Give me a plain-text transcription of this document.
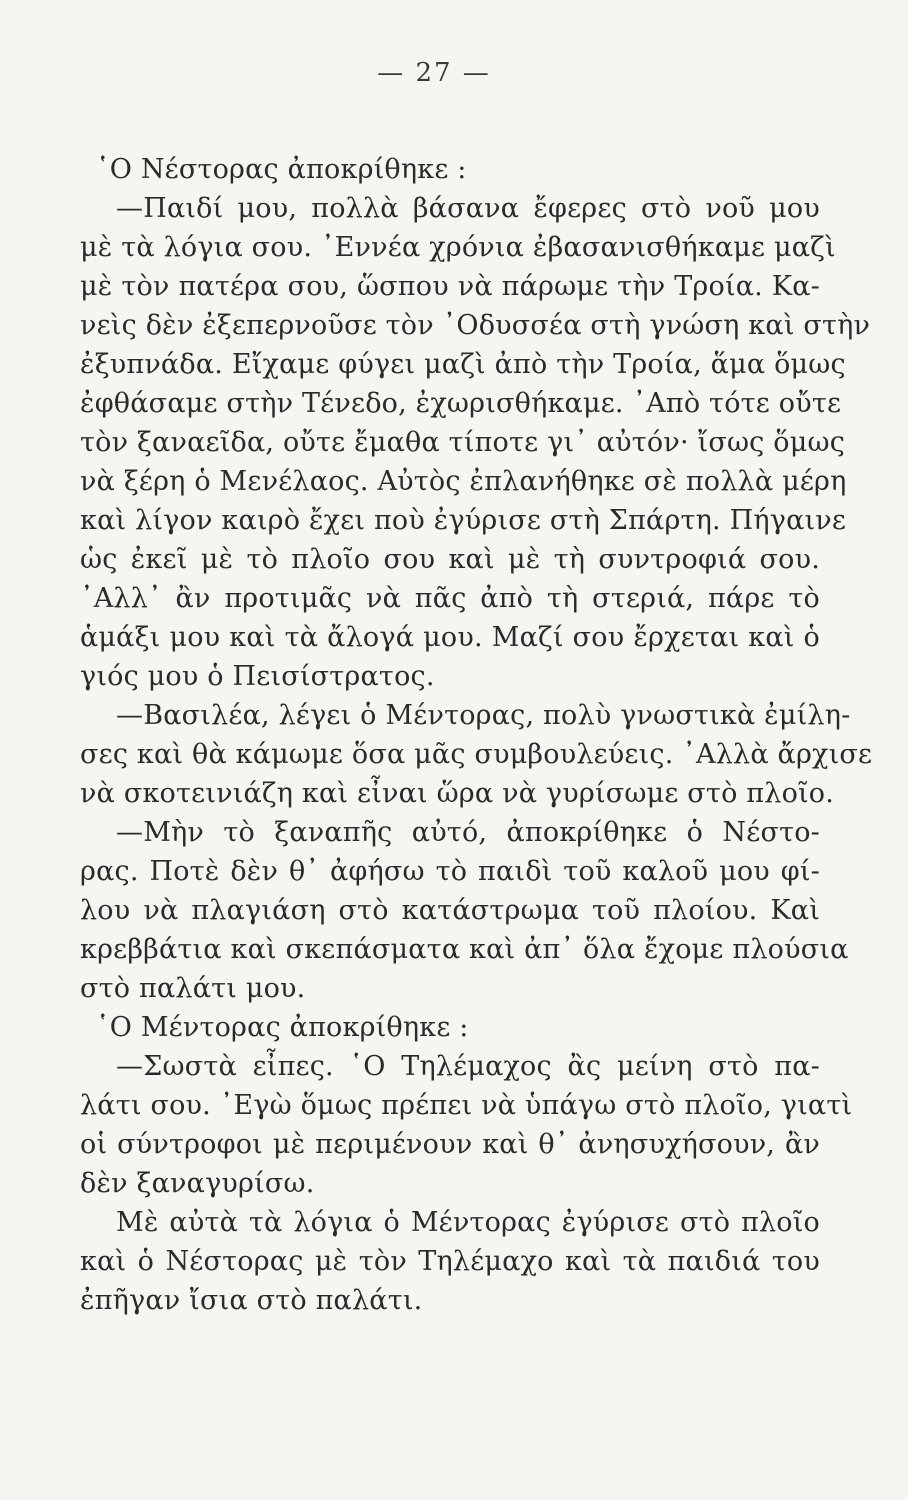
— 27 —
῾Ο Νέστορας ἀποκρίθηκε :
—Παιδί μου, πολλὰ βάσανα ἔφερες στὸ νοῦ μου
μὲ τὰ λόγια σου. ᾿Εννέα χρόνια ἐβασανισθήκαμε μαζὶ
μὲ τὸν πατέρα σου, ὥσπου νὰ πάρωμε τὴν Τροία. Κα-
νεὶς δὲν ἐξεπερνοῦσε τὸν ᾿Οδυσσέα στὴ γνώση καὶ στὴν
ἐξυπνάδα. Εἴχαμε φύγει μαζὶ ἀπὸ τὴν Τροία, ἅμα ὅμως
ἐφθάσαμε στὴν Τένεδο, ἐχωρισθήκαμε. ᾿Απὸ τότε οὔτε
τὸν ξαναεῖδα, οὔτε ἔμαθα τίποτε γι᾿ αὐτόν· ἴσως ὅμως
νὰ ξέρη ὁ Μενέλαος. Αὐτὸς ἐπλανήθηκε σὲ πολλὰ μέρη
καὶ λίγον καιρὸ ἔχει ποὺ ἐγύρισε στὴ Σπάρτη. Πήγαινε
ὡς ἐκεῖ μὲ τὸ πλοῖο σου καὶ μὲ τὴ συντροφιά σου.
᾿Αλλ᾿ ἂν προτιμᾶς νὰ πᾶς ἀπὸ τὴ στεριά, πάρε τὸ
ἁμάξι μου καὶ τὰ ἄλογά μου. Μαζί σου ἔρχεται καὶ ὁ
γιός μου ὁ Πεισίστρατος.
—Βασιλέα, λέγει ὁ Μέντορας, πολὺ γνωστικὰ ἐμίλη-
σες καὶ θὰ κάμωμε ὅσα μᾶς συμβουλεύεις. ᾿Αλλὰ ἄρχισε
νὰ σκοτεινιάζη καὶ εἶναι ὥρα νὰ γυρίσωμε στὸ πλοῖο.
—Μὴν τὸ ξαναπῆς αὐτό, ἀποκρίθηκε ὁ Νέστο-
ρας. Ποτὲ δὲν θ᾿ ἀφήσω τὸ παιδὶ τοῦ καλοῦ μου φί-
λου νὰ πλαγιάση στὸ κατάστρωμα τοῦ πλοίου. Καὶ
κρεββάτια καὶ σκεπάσματα καὶ ἀπ᾿ ὅλα ἔχομε πλούσια
στὸ παλάτι μου.
῾Ο Μέντορας ἀποκρίθηκε :
—Σωστὰ εἶπες. ῾Ο Τηλέμαχος ἂς μείνη στὸ πα-
λάτι σου. ᾿Εγὼ ὅμως πρέπει νὰ ὑπάγω στὸ πλοῖο, γιατὶ
οἱ σύντροφοι μὲ περιμένουν καὶ θ᾿ ἀνησυχήσουν, ἂν
δὲν ξαναγυρίσω.
Μὲ αὐτὰ τὰ λόγια ὁ Μέντορας ἐγύρισε στὸ πλοῖο
καὶ ὁ Νέστορας μὲ τὸν Τηλέμαχο καὶ τὰ παιδιά του
ἐπῆγαν ἴσια στὸ παλάτι.
